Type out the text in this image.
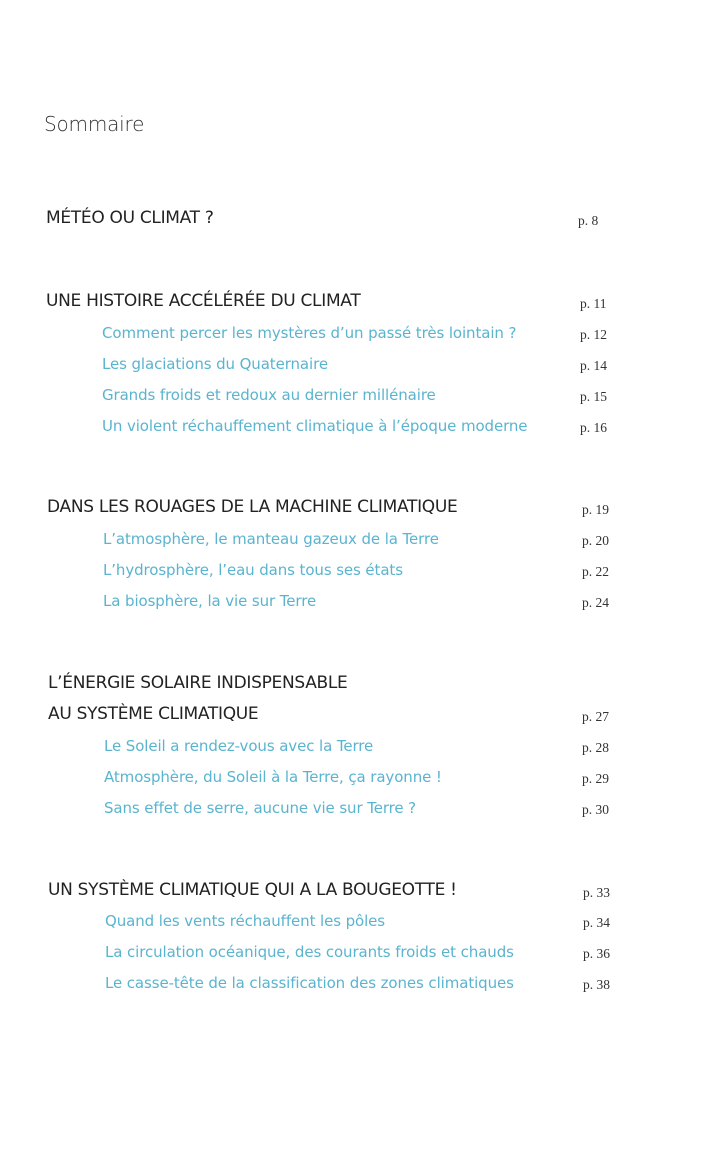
Sommaire
MÉTÉO OU CLIMAT ?	p. 8
UNE HISTOIRE ACCÉLÉRÉE DU CLIMAT	p. 11
Comment percer les mystères d’un passé très lointain ?	p. 12
Les glaciations du Quaternaire	p. 14
Grands froids et redoux au dernier millénaire	p. 15
Un violent réchauffement climatique à l’époque moderne	p. 16
DANS LES ROUAGES DE LA MACHINE CLIMATIQUE	p. 19
L’atmosphère, le manteau gazeux de la Terre	p. 20
L’hydrosphère, l’eau dans tous ses états	p. 22
La biosphère, la vie sur Terre	p. 24
L’ÉNERGIE SOLAIRE INDISPENSABLE
AU SYSTÈME CLIMATIQUE	p. 27
Le Soleil a rendez-vous avec la Terre	p. 28
Atmosphère, du Soleil à la Terre, ça rayonne !	p. 29
Sans effet de serre, aucune vie sur Terre ?	p. 30
UN SYSTÈME CLIMATIQUE QUI A LA BOUGEOTTE !	p. 33
Quand les vents réchauffent les pôles	p. 34
La circulation océanique, des courants froids et chauds	p. 36
Le casse-tête de la classification des zones climatiques	p. 38
